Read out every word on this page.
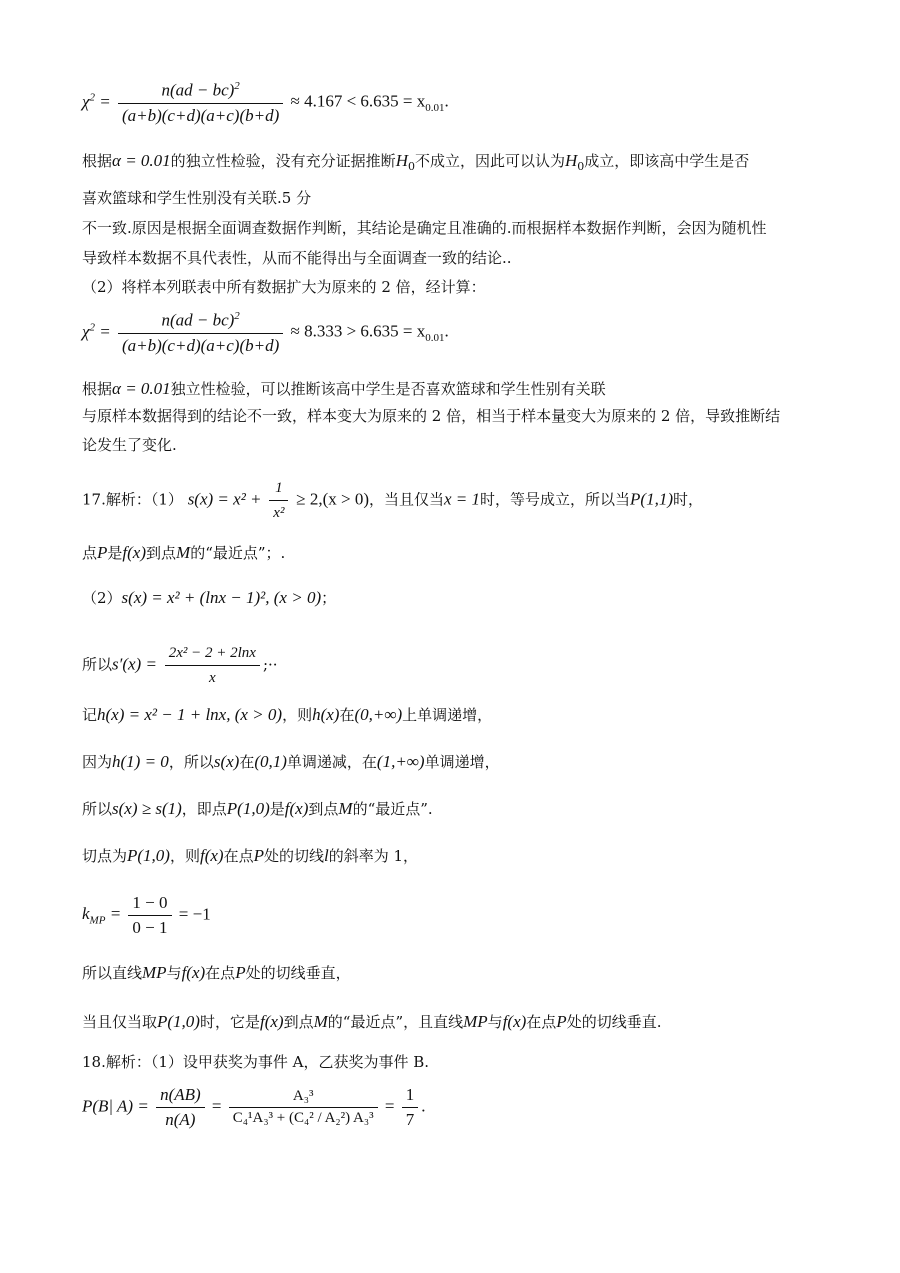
$\chi^2 = \frac{n(ad - bc)^2}{(a+b)(c+d)(a+c)(b+d)} \approx 4.167 < 6.635 = x_{0.01}$.
根据α = 0.01的独立性检验，没有充分证据推断$H_0$不成立，因此可以认为$H_0$成立，即该高中学生是否
喜欢篮球和学生性别没有关联.5 分
不一致.原因是根据全面调查数据作判断，其结论是确定且准确的.而根据样本数据作判断，会因为随机性
导致样本数据不具代表性，从而不能得出与全面调查一致的结论..
（2）将样本列联表中所有数据扩大为原来的 2 倍，经计算：
$\chi^2 = \frac{n(ad - bc)^2}{(a+b)(c+d)(a+c)(b+d)} \approx 8.333 > 6.635 = x_{0.01}$.
根据α = 0.01独立性检验，可以推断该高中学生是否喜欢篮球和学生性别有关联
与原样本数据得到的结论不一致，样本变大为原来的 2 倍，相当于样本量变大为原来的 2 倍，导致推断结
论发生了变化.
17.解析：（1） $s(x) = x^2 + \frac{1}{\text{x²}} \ge 2,(x > 0)$，当且仅当x = 1时，等号成立，所以当P(1,1)时，
点P是f(x)到点M的“最近点”；.
（2）s(x) = x² + (lnx − 1)², (x > 0)；
所以$s'(x) = \frac{\text{2x² − 2 + 2lnx}}{x}$ ;··
记h(x) = x² − 1 + lnx, (x > 0)，则h(x)在(0,+∞)上单调递增，
因为h(1) = 0，所以s(x)在(0,1)单调递减，在(1,+∞)单调递增，
所以s(x) ≥ s(1)，即点P(1,0)是f(x)到点M的“最近点”.
切点为P(1,0)，则f(x)在点P处的切线l的斜率为 1，
$k_{MP} = \frac{1 - 0}{0 - 1} = -1$
所以直线MP与f(x)在点P处的切线垂直，
当且仅当取P(1,0)时，它是f(x)到点M的“最近点”，且直线MP与f(x)在点P处的切线垂直.
18.解析：（1）设甲获奖为事件 A，乙获奖为事件 B.
P(B| $A) = \frac{n(AB)}{n(A)} = \frac{\text{A₃³}}{\text{C₄¹A₃³ + (C₄² / A₂²) A₃³}} = \frac{1}{7}$ .
